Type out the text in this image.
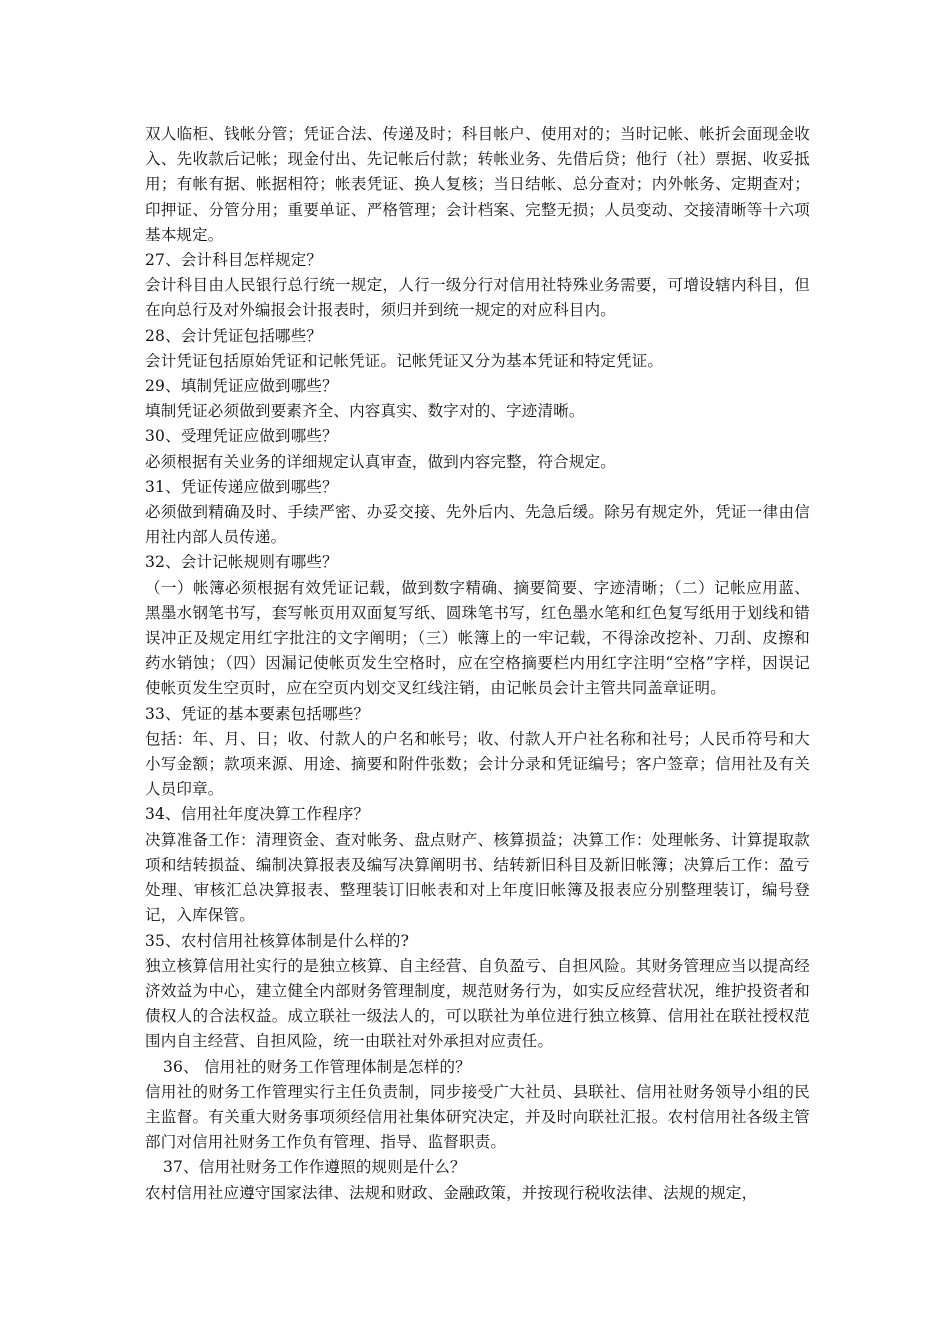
双人临柜、钱帐分管；凭证合法、传递及时；科目帐户、使用对的；当时记帐、帐折会面现金收入、先收款后记帐；现金付出、先记帐后付款；转帐业务、先借后贷；他行（社）票据、收妥抵用；有帐有据、帐据相符；帐表凭证、换人复核；当日结帐、总分查对；内外帐务、定期查对；印押证、分管分用；重要单证、严格管理；会计档案、完整无损；人员变动、交接清晰等十六项基本规定。

27、会计科目怎样规定？

会计科目由人民银行总行统一规定，人行一级分行对信用社特殊业务需要，可增设辖内科目，但在向总行及对外编报会计报表时，须归并到统一规定的对应科目内。

28、会计凭证包括哪些？

会计凭证包括原始凭证和记帐凭证。记帐凭证又分为基本凭证和特定凭证。

29、填制凭证应做到哪些？

填制凭证必须做到要素齐全、内容真实、数字对的、字迹清晰。

30、受理凭证应做到哪些？

必须根据有关业务的详细规定认真审查，做到内容完整，符合规定。

31、凭证传递应做到哪些？

必须做到精确及时、手续严密、办妥交接、先外后内、先急后缓。除另有规定外，凭证一律由信用社内部人员传递。

32、会计记帐规则有哪些？

（一）帐簿必须根据有效凭证记载，做到数字精确、摘要简要、字迹清晰；（二）记帐应用蓝、黑墨水钢笔书写，套写帐页用双面复写纸、圆珠笔书写，红色墨水笔和红色复写纸用于划线和错误冲正及规定用红字批注的文字阐明；（三）帐簿上的一牢记载，不得涂改挖补、刀刮、皮擦和药水销蚀；（四）因漏记使帐页发生空格时，应在空格摘要栏内用红字注明“空格”字样，因误记使帐页发生空页时，应在空页内划交叉红线注销，由记帐员会计主管共同盖章证明。

33、凭证的基本要素包括哪些？

包括：年、月、日；收、付款人的户名和帐号；收、付款人开户社名称和社号；人民币符号和大小写金额；款项来源、用途、摘要和附件张数；会计分录和凭证编号；客户签章；信用社及有关人员印章。

34、信用社年度决算工作程序？

决算准备工作：清理资金、查对帐务、盘点财产、核算损益；决算工作：处理帐务、计算提取款项和结转损益、编制决算报表及编写决算阐明书、结转新旧科目及新旧帐簿；决算后工作：盈亏处理、审核汇总决算报表、整理装订旧帐表和对上年度旧帐簿及报表应分别整理装订，编号登记，入库保管。

35、农村信用社核算体制是什么样的?

独立核算信用社实行的是独立核算、自主经营、自负盈亏、自担风险。其财务管理应当以提高经济效益为中心，建立健全内部财务管理制度，规范财务行为，如实反应经营状况，维护投资者和债权人的合法权益。成立联社一级法人的，可以联社为单位进行独立核算、信用社在联社授权范围内自主经营、自担风险，统一由联社对外承担对应责任。

36、 信用社的财务工作管理体制是怎样的？

信用社的财务工作管理实行主任负责制，同步接受广大社员、县联社、信用社财务领导小组的民主监督。有关重大财务事项须经信用社集体研究决定，并及时向联社汇报。农村信用社各级主管部门对信用社财务工作负有管理、指导、监督职责。

37、信用社财务工作作遵照的规则是什么？

农村信用社应遵守国家法律、法规和财政、金融政策，并按现行税收法律、法规的规定，
